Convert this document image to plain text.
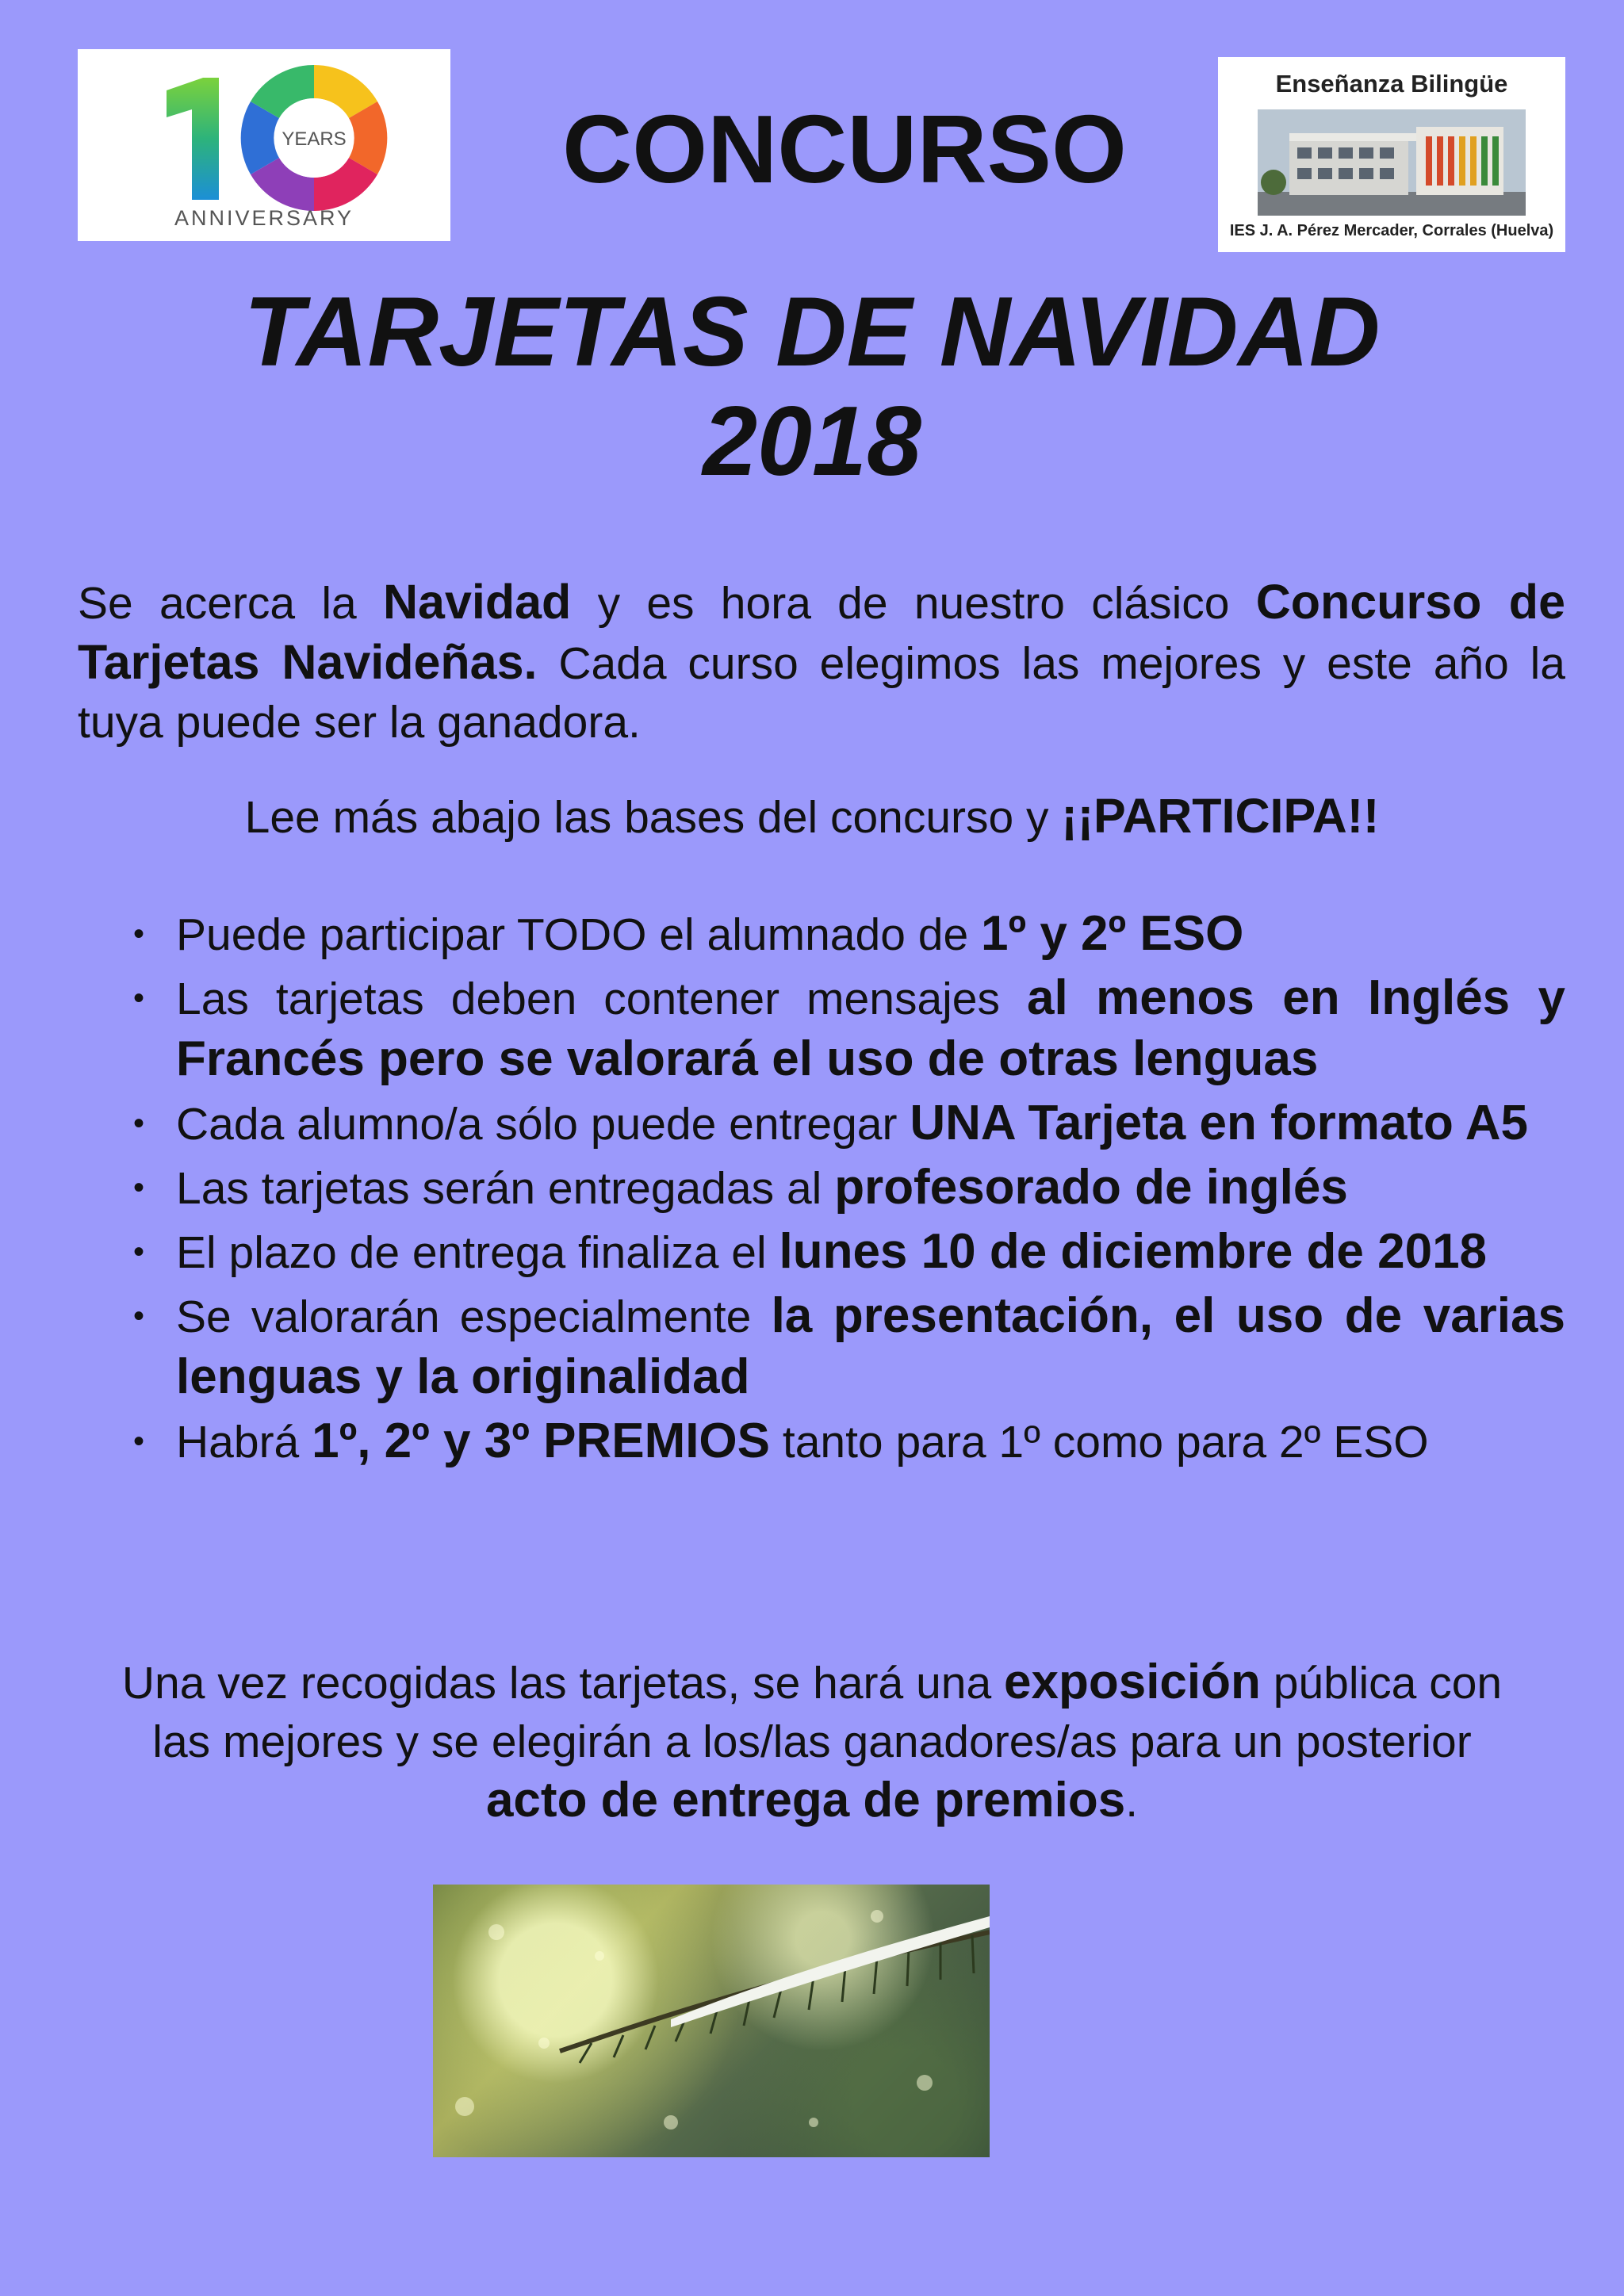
YEARS
ANNIVERSARY
Enseñanza Bilingüe
IES J. A. Pérez Mercader, Corrales (Huelva)
CONCURSO
TARJETAS DE NAVIDAD
2018
Se acerca la Navidad y es hora de nuestro clásico Concurso de Tarjetas Navideñas. Cada curso elegimos las mejores y este año la tuya puede ser la ganadora.
Lee más abajo las bases del concurso y ¡¡PARTICIPA!!
• Puede participar TODO el alumnado de 1º y 2º ESO
• Las tarjetas deben contener mensajes al menos en Inglés y Francés pero se valorará el uso de otras lenguas
• Cada alumno/a sólo puede entregar UNA Tarjeta en formato A5
• Las tarjetas serán entregadas al profesorado de inglés
• El plazo de entrega finaliza el lunes 10 de diciembre de 2018
• Se valorarán especialmente la presentación, el uso de varias lenguas y la originalidad
• Habrá 1º, 2º y 3º PREMIOS tanto para 1º como para 2º ESO
Una vez recogidas las tarjetas, se hará una exposición pública con las mejores y se elegirán a los/las ganadores/as para un posterior acto de entrega de premios.
